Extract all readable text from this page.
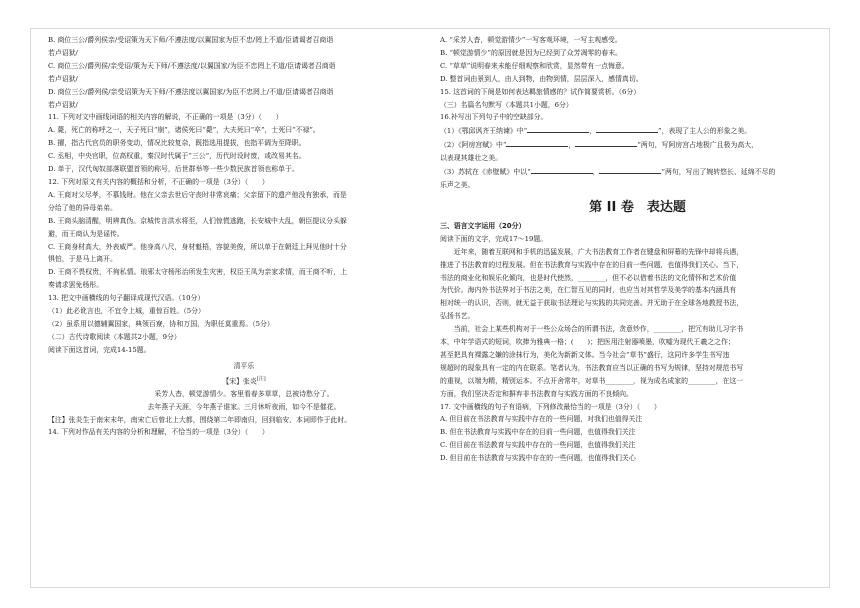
B. 商位三公/爵列侯亲/受诏策为天下师/不遵法度/以翼国家为臣不忠/罔上不道/臣请谒者召商诣

若卢诏狱/

C. 商位三公/爵列侯/亲受诏/策为天下师/不遵法度/以翼国家/为臣不忠罔上不道/臣请谒者召商诣

若卢诏狱/

D. 商位三公/爵列侯/亲受诏策为天下师/不遵法度以翼国家/为臣不忠罔上/不道/臣请谒者召商诣

若卢诏狱/

11. 下列对文中画线词语的相关内容的解说，不正确的一项是（3分）（　　）

A. 薨，死亡的称呼之一，天子死曰“崩”，诸侯死曰“薨”，大夫死曰“卒”，士死曰“不禄”。

B. 擢，指古代官员的职务变动，情况比较复杂，既指选用提拔，也指平调为至降职。

C. 丞相，中央官职，位高权重，秦汉时代属于“三公”，历代时设时废，或改易其名。

D. 单于，汉代匈奴部落联盟首领的称号，后世群举等一些少数民族首领也称单于。

12. 下列对原文有关内容的概括和分析，不正确的一项是（3分）（　　）

A. 王商对父尽孝，不慕钱财。他在父亲去世后守丧时非常哀痛；父亲留下的遗产他没有独承，而是

分给了他的异母弟弟。

B. 王商头脑清醒，明辨真伪。京城传言洪水将至，人们惊慌逃跑，长安城中大乱，朝臣提议分头躲

避，而王商认为是谣传。

C. 王商身材高大，外表威严。他身高八尺，身材魁梧，容貌美俊，所以单于在朝廷上拜见他时十分

惧怕，于是马上离开。

D. 王商不畏权贵，不徇私情。琅邪太守杨彤治所发生灾害，权臣王凤为亲家求情，而王商不听，上

奏请求罢免杨彤。

13. 把文中画横线的句子翻译成现代汉语。（10分）

（1）此必讹言也，不宜令上城，重惊百姓。（5分）

（2）虽系用以德辅翼国家，典领百寮，协和万国，为职任莫重焉。（5分）

（二）古代诗歌阅读（本题共2小题，9分）

阅读下面这首词，完成14-15题。

清平乐

【宋】张炎[注]

采芳人杳，顿觉游情少。客里看春多草草，总被诗愁分了。

去年燕子天涯，今年燕子谁家。三月休听夜雨，如今不是催花。

【注】张炎生于南宋末年，南宋亡后曾北上大都，围绕第二年即南归，回到临安、本词即作于此时。

14. 下列对作品有关内容的分析和理解，不恰当的一项是（3分）（　　）

A. “采芳人杳，顿觉游情少”一写客观环境，一写主观感受。

B. “顿觉游情少”的原因就是因为已经到了众芳凋零的春末。

C. “草草”说明春来未能仔细观察和欣赏，显然带有一点悔意。

D. 整首词由景到人，由人到物，由物到情，层层深入，感情真切。

15. 这首词的下阕是如何表达羁旅情感的？试作简要赏析。（6分）

（三）名篇名句默写（本题共1小题，6分）

16.补写出下列句子中的空缺部分。

（1）《鄂邱讽齐王纳谏》中“	，	”，表现了主人公的形象之美。

（2）《阿房宫赋》中“	，	”两句，写阿房宫占地极广且极为高大，

以表现其雄壮之美。

（3）苏轼在《赤壁赋》中以“	，	”两句，写出了婉转悠长、延绵不尽的

乐声之美。

第 II 卷　表达题

三、语言文字运用（20分）

阅读下面的文字，完成17～19题。

近年来，随着互联网和手机的迅猛发展，广大书法教育工作者在键盘和屏幕的先锋中却将兵遇，

推进了书法教育的过程发展。但在书法教育与实践中存在的目前一些问题，也值得我们关心。当下，

书法的商业化和娱乐化倾向，也是时代使然，________，但不必以借着书法的文化情怀和艺术价值

为代价。海内外书法界对于书法之美，在仁智互见的同时，也应当对其哲学及美学的基本内涵具有

相对统一的认识，否则，就无益于获取书法理论与实践的共同完善。并无助于在全球各地教授书法，

弘扬书艺。

当前，社会上某些机构对于一些公众场合的所谓书法，贪意炒作，________，把冗有助儿习字书

本，中年学语式的短词，吹捧为雅典一格；(　　)；把医用注射器喷墨，吹嘘为现代王羲之之作；

甚至把具有裸露之嫌的涂抹行为，美化为新新文体。当今社会“草书”盛行，这同许多学生书写违

规超时的现象具有一定的内在联系。笔者认为，书法教育应当以正确的书写为规律，坚持对规范书写

的重视，以端为精，精别运本。不点开舍常年，对草书________，视为成名成家的________，在这一

方面，我们坚决否定和摒弃非书法教育与实践方面的不良倾向。

17. 文中画横线的句子有语病，下列修改最恰当的一项是（3分）（　　）

A. 但目前在书法教育与实践中存在的一些问题，对我们也值得关注

B. 但在书法教育与实践中存在的目前一些问题，也值得我们关注

C. 但目前在书法教育与实践中存在的一些问题，也值得我们关注

D. 但目前在书法教育与实践中存在的一些问题，也值得我们关心
